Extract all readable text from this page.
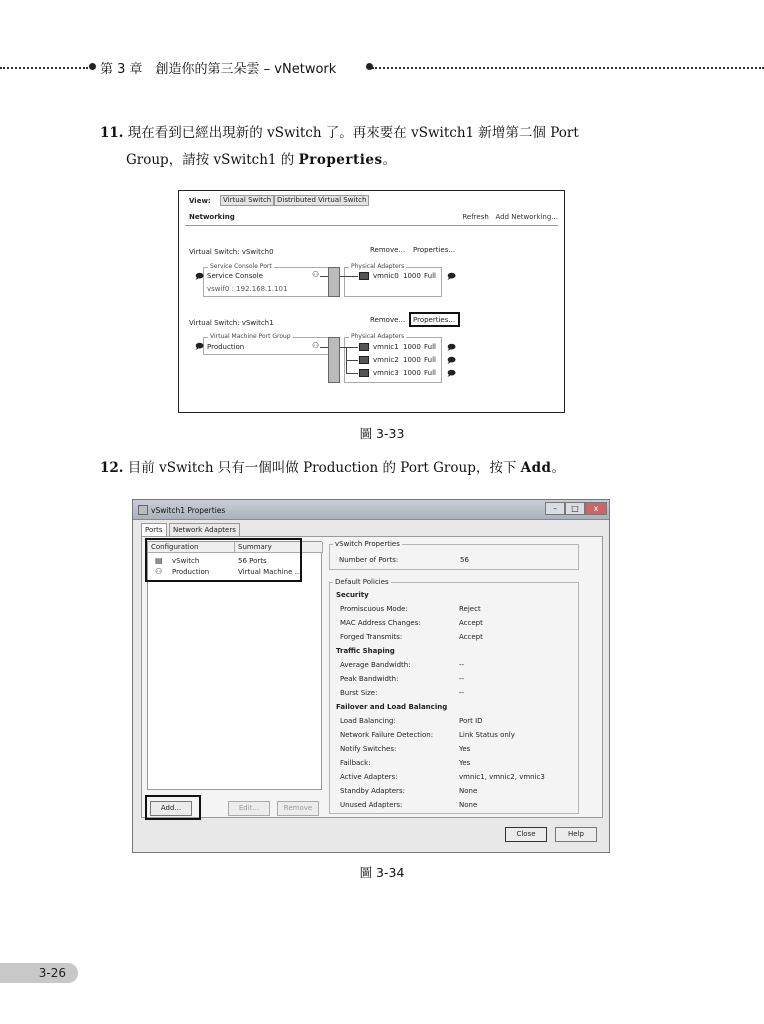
第 3 章　創造你的第三朵雲 – vNetwork
11. 現在看到已經出現新的 vSwitch 了。再來要在 vSwitch1 新增第二個 Port
Group，請按 vSwitch1 的 Properties。
View:	Virtual Switch Distributed Virtual Switch
Networking	Refresh Add Networking...
Virtual Switch: vSwitch0	Remove... Properties...
Service Console Port
🗩 Service Console
vswif0 : 192.168.1.101
⚇
Physical Adapters
vmnic0 1000 Full 🗩
Virtual Switch: vSwitch1	Remove... Properties...
Virtual Machine Port Group
🗩 Production	⚇
Physical Adapters
vmnic1 1000 Full
vmnic2 1000 Full
vmnic3 1000 Full
🗩
🗩
🗩
圖 3-33
12. 目前 vSwitch 只有一個叫做 Production 的 Port Group，按下 Add。
vSwitch1 Properties	–	□	x
Ports	Network Adapters
Configuration	Summary
▤ vSwitch	56 Ports
⚇ Production	Virtual Machine ...
vSwitch Properties
Number of Ports:	56
Default Policies
Security
Promiscuous Mode:	Reject
MAC Address Changes:	Accept
Forged Transmits:	Accept
Traffic Shaping
Average Bandwidth:	--
Peak Bandwidth:	--
Burst Size:	--
Failover and Load Balancing
Load Balancing:	Port ID
Network Failure Detection:	Link Status only
Notify Switches:	Yes
Failback:	Yes
Active Adapters:	vmnic1, vmnic2, vmnic3
Standby Adapters:	None
Unused Adapters:	None
Add...	Edit...	Remove
Close	Help
圖 3-34
3-26
